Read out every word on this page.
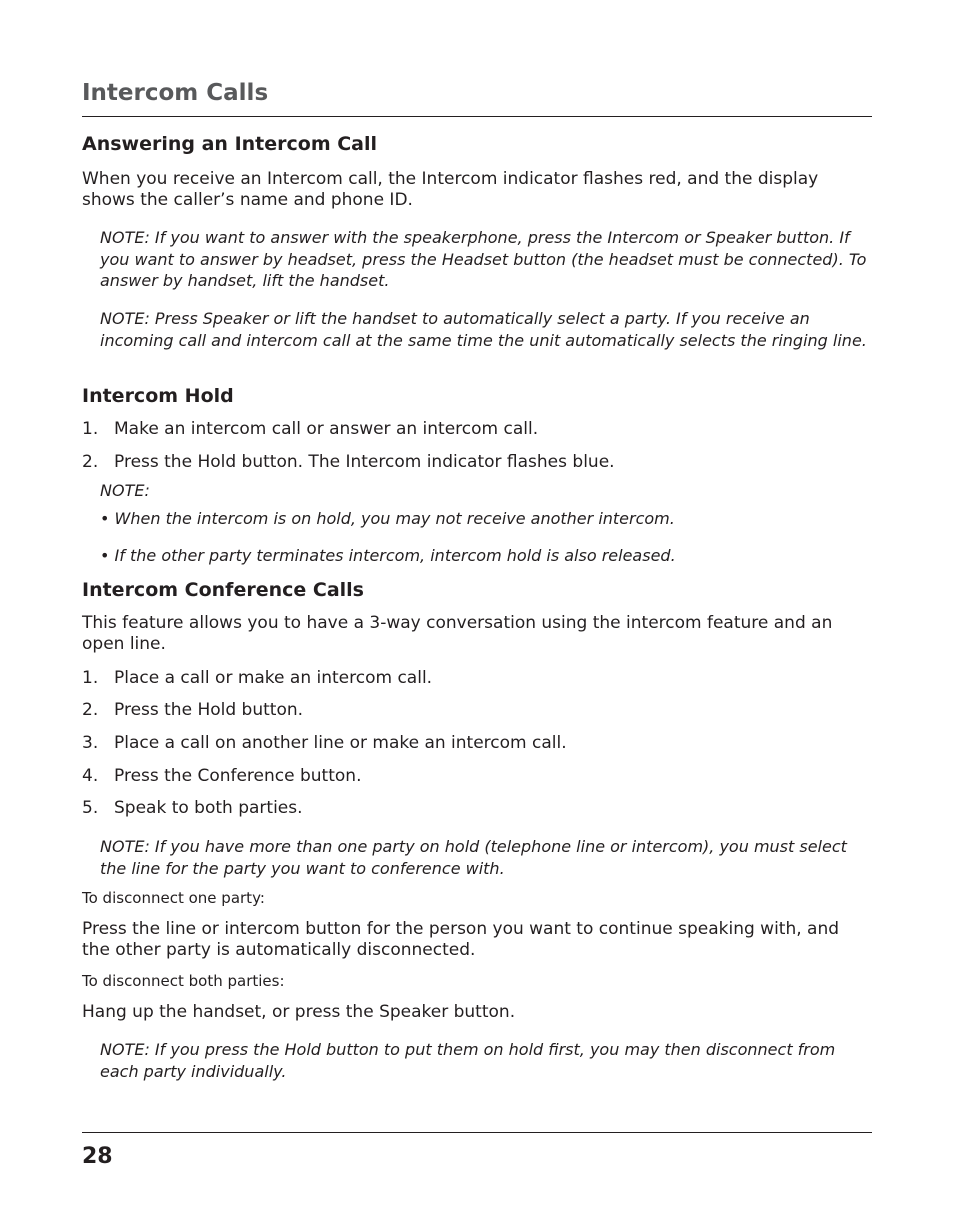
Intercom Calls
Answering an Intercom Call

When you receive an Intercom call, the Intercom indicator flashes red, and the display shows the caller’s name and phone ID.

NOTE: If you want to answer with the speakerphone, press the Intercom or Speaker button. If you want to answer by headset, press the Headset button (the headset must be connected). To answer by handset, lift the handset.

NOTE: Press Speaker or lift the handset to automatically select a party. If you receive an incoming call and intercom call at the same time the unit automatically selects the ringing line.

Intercom Hold

1. Make an intercom call or answer an intercom call.

2. Press the Hold button. The Intercom indicator flashes blue.

NOTE:

• When the intercom is on hold, you may not receive another intercom.

• If the other party terminates intercom, intercom hold is also released.

Intercom Conference Calls

This feature allows you to have a 3-way conversation using the intercom feature and an open line.

1. Place a call or make an intercom call.

2. Press the Hold button.

3. Place a call on another line or make an intercom call.

4. Press the Conference button.

5. Speak to both parties.

NOTE: If you have more than one party on hold (telephone line or intercom), you must select the line for the party you want to conference with.

To disconnect one party:

Press the line or intercom button for the person you want to continue speaking with, and the other party is automatically disconnected.

To disconnect both parties:

Hang up the handset, or press the Speaker button.

NOTE: If you press the Hold button to put them on hold first, you may then disconnect from each party individually.

28
